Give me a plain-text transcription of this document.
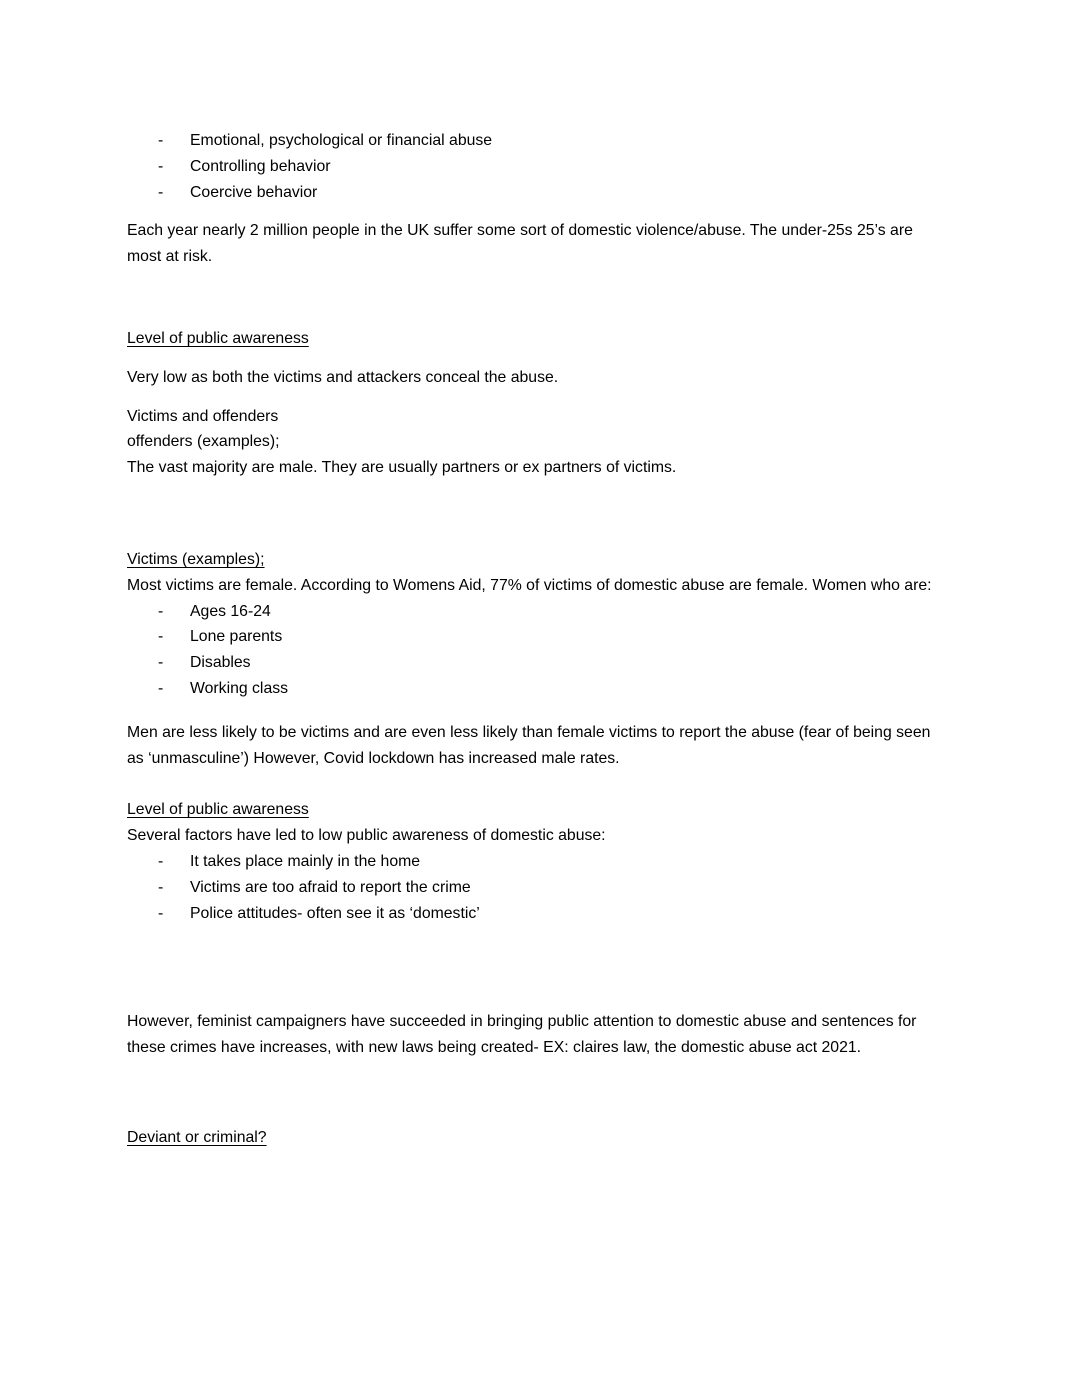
-	Emotional, psychological or financial abuse
-	Controlling behavior
-	Coercive behavior

Each year nearly 2 million people in the UK suffer some sort of domestic violence/abuse. The under-25s 25’s are most at risk.

Level of public awareness

Very low as both the victims and attackers conceal the abuse.

Victims and offenders
offenders (examples);
The vast majority are male. They are usually partners or ex partners of victims.

Victims (examples);

Most victims are female. According to Womens Aid, 77% of victims of domestic abuse are female. Women who are:

-	Ages 16-24
-	Lone parents
-	Disables
-	Working class

Men are less likely to be victims and are even less likely than female victims to report the abuse (fear of being seen as ‘unmasculine’) However, Covid lockdown has increased male rates.

Level of public awareness

Several factors have led to low public awareness of domestic abuse:

-	It takes place mainly in the home
-	Victims are too afraid to report the crime
-	Police attitudes- often see it as ‘domestic’

However, feminist campaigners have succeeded in bringing public attention to domestic abuse and sentences for these crimes have increases, with new laws being created- EX: claires law, the domestic abuse act 2021.

Deviant or criminal?
